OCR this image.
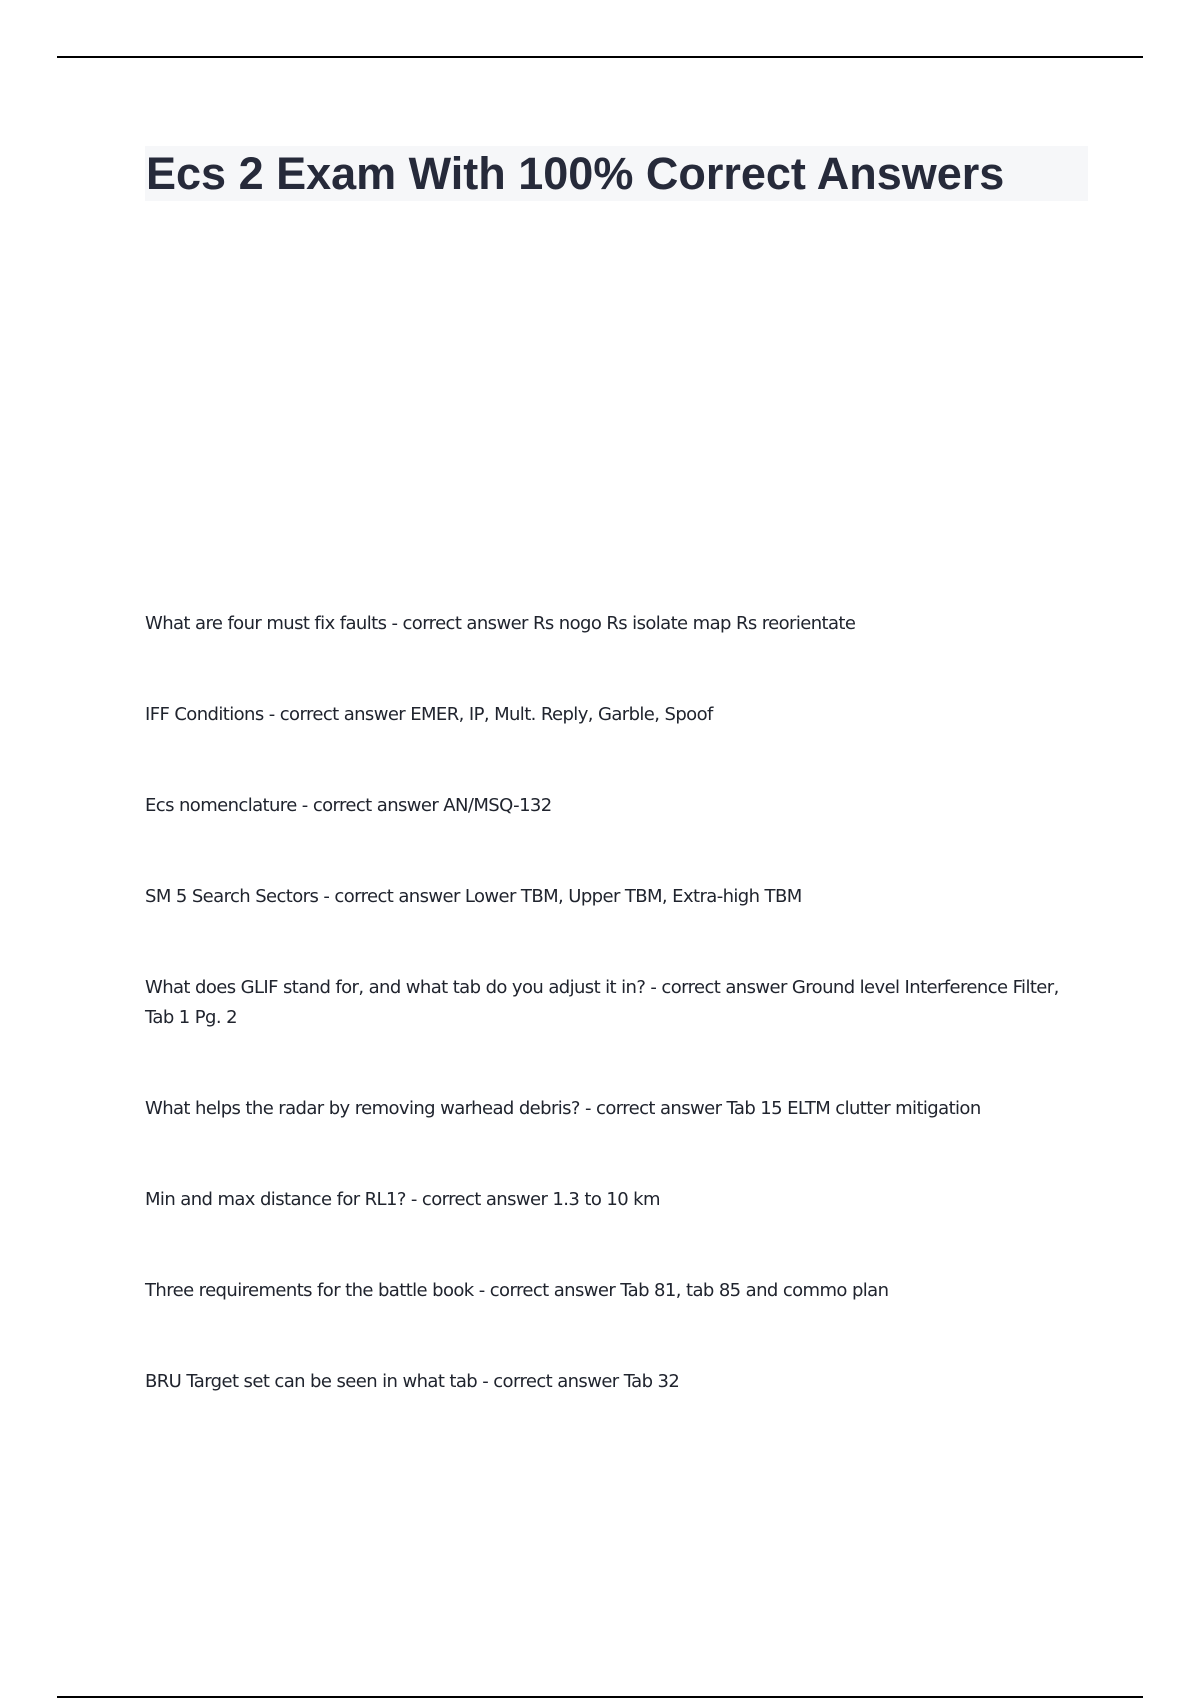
Ecs 2 Exam With 100% Correct Answers
What are four must fix faults - correct answer Rs nogo Rs isolate map Rs reorientate
IFF Conditions - correct answer EMER, IP, Mult. Reply, Garble, Spoof
Ecs nomenclature - correct answer AN/MSQ-132
SM 5 Search Sectors - correct answer Lower TBM, Upper TBM, Extra-high TBM
What does GLIF stand for, and what tab do you adjust it in? - correct answer Ground level Interference Filter, Tab 1 Pg. 2
What helps the radar by removing warhead debris? - correct answer Tab 15 ELTM clutter mitigation
Min and max distance for RL1? - correct answer 1.3 to 10 km
Three requirements for the battle book - correct answer Tab 81, tab 85 and commo plan
BRU Target set can be seen in what tab - correct answer Tab 32
